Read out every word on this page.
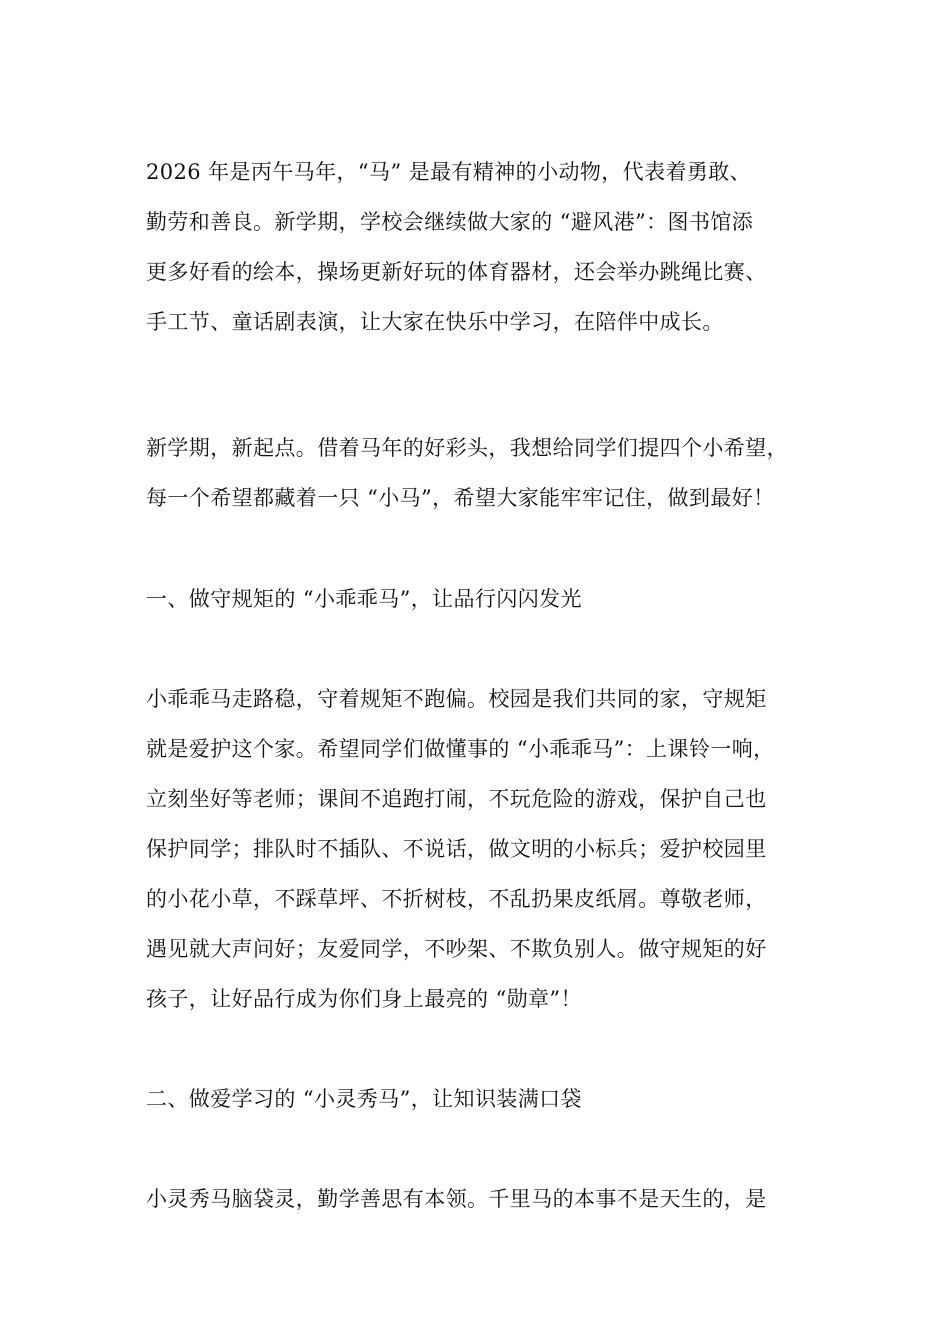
2026 年是丙午马年，“马” 是最有精神的小动物，代表着勇敢、
勤劳和善良。新学期，学校会继续做大家的 “避风港”：图书馆添
更多好看的绘本，操场更新好玩的体育器材，还会举办跳绳比赛、
手工节、童话剧表演，让大家在快乐中学习，在陪伴中成长。
新学期，新起点。借着马年的好彩头，我想给同学们提四个小希望，
每一个希望都藏着一只 “小马”，希望大家能牢牢记住，做到最好！
一、做守规矩的 “小乖乖马”，让品行闪闪发光
小乖乖马走路稳，守着规矩不跑偏。校园是我们共同的家，守规矩
就是爱护这个家。希望同学们做懂事的 “小乖乖马”：上课铃一响，
立刻坐好等老师；课间不追跑打闹，不玩危险的游戏，保护自己也
保护同学；排队时不插队、不说话，做文明的小标兵；爱护校园里
的小花小草，不踩草坪、不折树枝，不乱扔果皮纸屑。尊敬老师，
遇见就大声问好；友爱同学，不吵架、不欺负别人。做守规矩的好
孩子，让好品行成为你们身上最亮的 “勋章”！
二、做爱学习的 “小灵秀马”，让知识装满口袋
小灵秀马脑袋灵，勤学善思有本领。千里马的本事不是天生的，是
